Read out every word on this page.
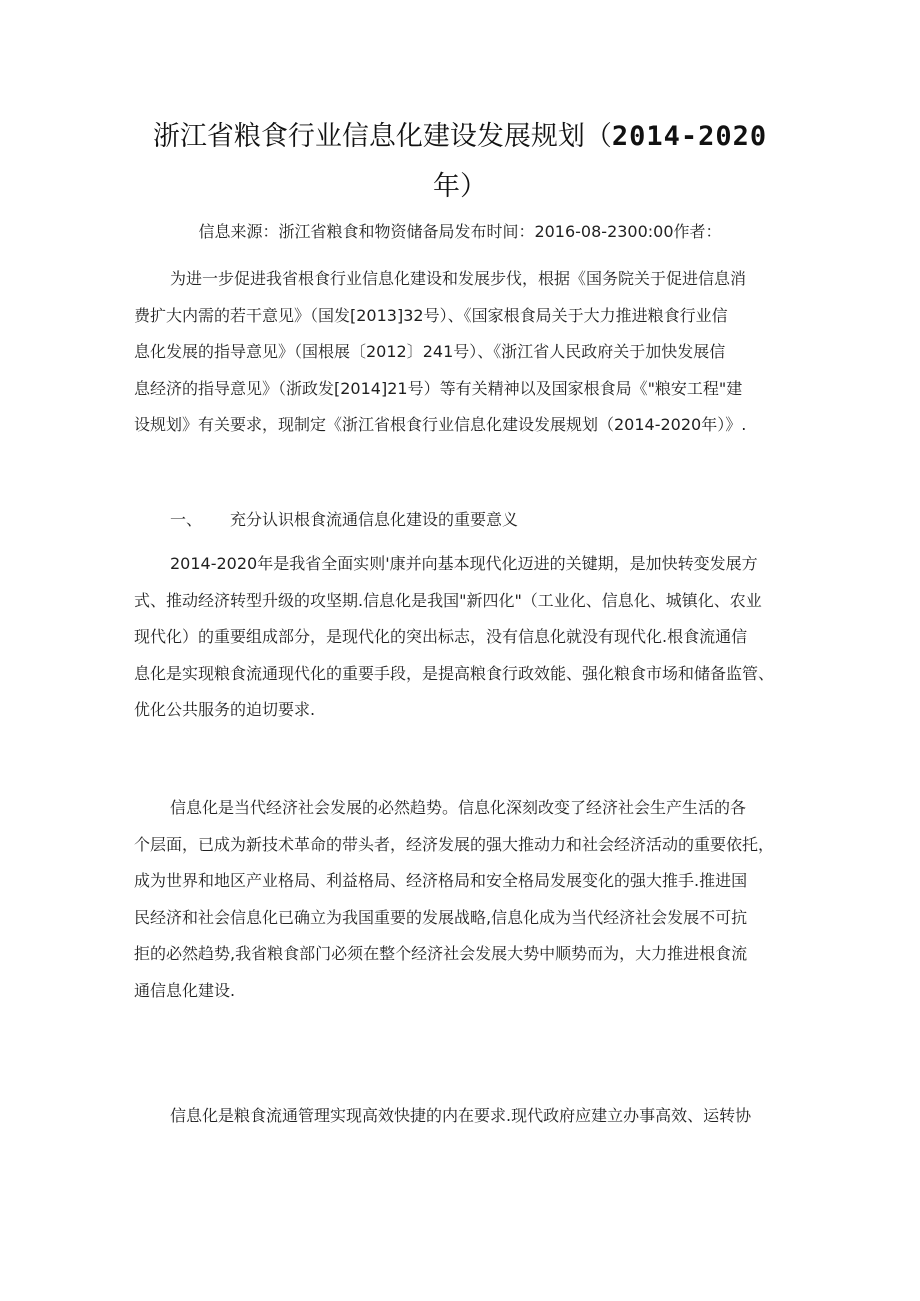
浙江省粮食行业信息化建设发展规划（2014-2020
年）
信息来源：浙江省粮食和物资储备局发布时间：2016-08-2300:00作者：
为进一步促进我省根食行业信息化建设和发展步伐，根据《国务院关于促进信息消
费扩大内需的若干意见》（国发[2013]32号）、《国家根食局关于大力推进粮食行业信
息化发展的指导意见》（国根展〔2012〕241号）、《浙江省人民政府关于加快发展信
息经济的指导意见》（浙政发[2014]21号）等有关精神以及国家根食局《"粮安工程"建
设规划》有关要求，现制定《浙江省根食行业信息化建设发展规划（2014-2020年）》.
一、 充分认识根食流通信息化建设的重要意义
2014-2020年是我省全面实则'康并向基本现代化迈进的关键期，是加快转变发展方
式、推动经济转型升级的攻坚期.信息化是我国"新四化"（工业化、信息化、城镇化、农业
现代化）的重要组成部分，是现代化的突出标志，没有信息化就没有现代化.根食流通信
息化是实现粮食流通现代化的重要手段，是提高粮食行政效能、强化粮食市场和储备监管、
优化公共服务的迫切要求.
信息化是当代经济社会发展的必然趋势。信息化深刻改变了经济社会生产生活的各
个层面，已成为新技术革命的带头者，经济发展的强大推动力和社会经济活动的重要依托，
成为世界和地区产业格局、利益格局、经济格局和安全格局发展变化的强大推手.推进国
民经济和社会信息化已确立为我国重要的发展战略,信息化成为当代经济社会发展不可抗
拒的必然趋势,我省粮食部门必须在整个经济社会发展大势中顺势而为，大力推进根食流
通信息化建设.
信息化是粮食流通管理实现高效快捷的内在要求.现代政府应建立办事高效、运转协
